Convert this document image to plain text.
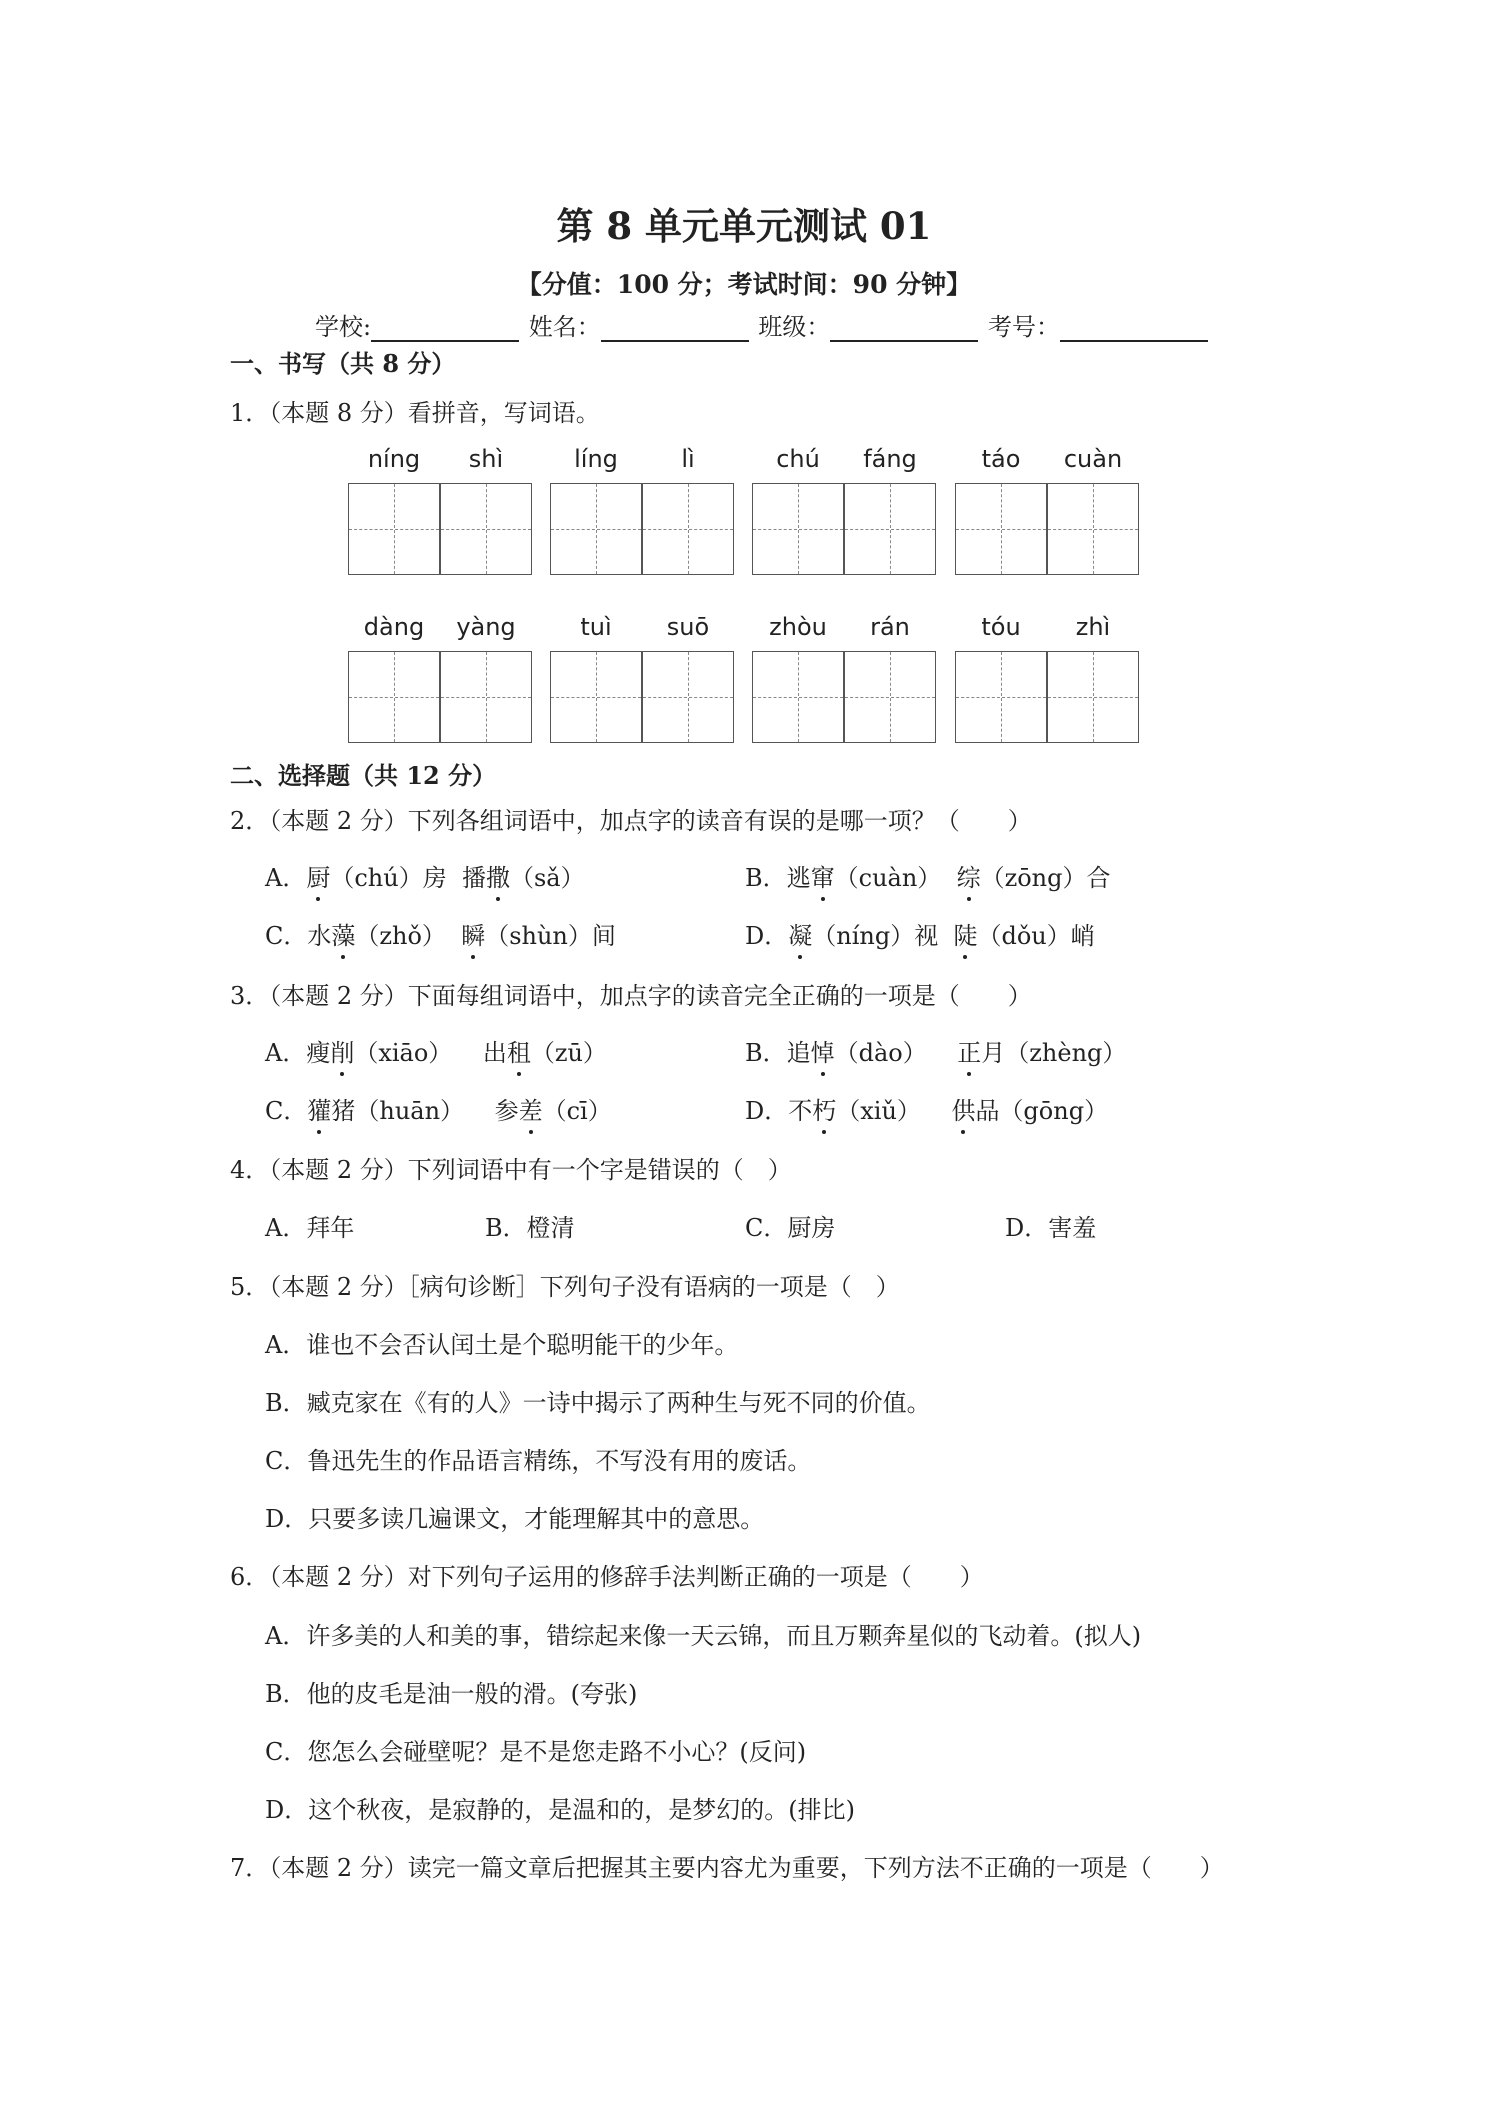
第 8 单元单元测试 01
【分值：100 分；考试时间：90 分钟】
学校:	姓名：	班级：	考号：
一、书写（共 8 分）
1．（本题 8 分）看拼音，写词语。
níng	shì	líng	lì	chú	fáng	táo	cuàn
dàng	yàng	tuì	suō	zhòu	rán	tóu	zhì
二、选择题（共 12 分）
2．（本题 2 分）下列各组词语中，加点字的读音有误的是哪一项？（　　）
A．厨（chú）房 播撒（sǎ）	B．逃窜（cuàn） 综（zōng）合
C．水藻（zhǒ） 瞬（shùn）间	D．凝（níng）视 陡（dǒu）峭
3．（本题 2 分）下面每组词语中，加点字的读音完全正确的一项是（　　）
A．瘦削（xiāo） 出租（zū）	B．追悼（dào） 正月（zhèng）
C．獾猪（huān） 参差（cī）	D．不朽（xiǔ） 供品（gōng）
4．（本题 2 分）下列词语中有一个字是错误的（　）
A．拜年	B．橙清	C．厨房	D．害羞
5．（本题 2 分）［病句诊断］下列句子没有语病的一项是（　）
A．谁也不会否认闰土是个聪明能干的少年。
B．臧克家在《有的人》一诗中揭示了两种生与死不同的价值。
C．鲁迅先生的作品语言精练，不写没有用的废话。
D．只要多读几遍课文，才能理解其中的意思。
6．（本题 2 分）对下列句子运用的修辞手法判断正确的一项是（　　）
A．许多美的人和美的事，错综起来像一天云锦，而且万颗奔星似的飞动着。(拟人)
B．他的皮毛是油一般的滑。(夸张)
C．您怎么会碰壁呢？是不是您走路不小心？(反问)
D．这个秋夜，是寂静的，是温和的，是梦幻的。(排比)
7．（本题 2 分）读完一篇文章后把握其主要内容尤为重要，下列方法不正确的一项是（　　）
